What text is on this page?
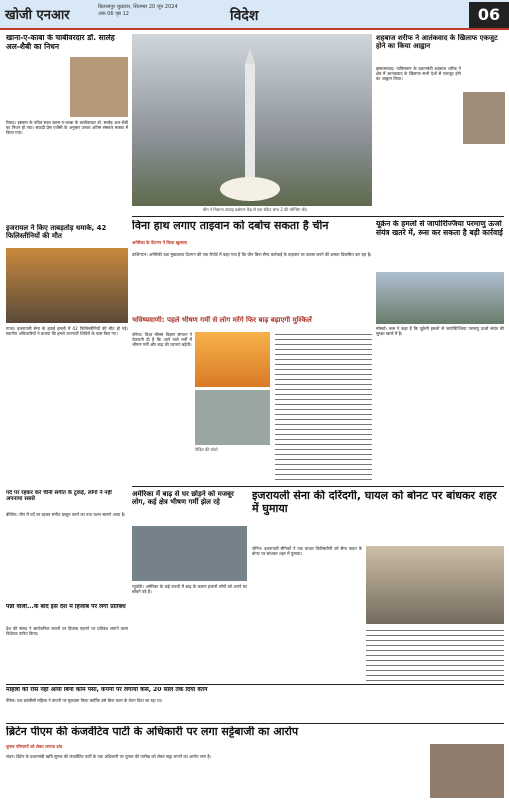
खोजी एनआर
बिलासपुर शुक्रवार, सितम्बर 20 जून 2024
अंक 06 पृष्ठ 12	विदेश	06
खाना-ए-काबा के चाबीवरदार डॉ. सालेह अल-शैबी का निधन
रियाद। इस्लाम के पवित्र स्थल खाना-ए-काबा के चाबीवरदार डॉ. सालेह अल-शैबी का निधन हो गया। सऊदी प्रेस एजेंसी के अनुसार उनका अंतिम संस्कार मक्का में किया गया।
इजरायल ने किए ताबड़तोड़ धमाके, 42 फिलिस्तीनियों की मौत
गाजा। इजरायली सेना के हवाई हमलों में 42 फिलिस्तीनियों की मौत हो गई। स्थानीय अधिकारियों ने बताया कि हमले शरणार्थी शिविरों के पास किए गए।
पर्दे पर रहकर करें चीनी संगीत के टुकड़े, लोगों ने नहीं अपनाया सबसे
बीजिंग। चीन में पर्दे पर रहकर संगीत प्रस्तुत करने का नया चलन सामने आया है।
पन्नी वाली...के बाद इस देश में हिजाब पर लगा प्रतिबंध
देश की संसद ने सार्वजनिक स्थानों पर हिजाब पहनने पर प्रतिबंध लगाने वाला विधेयक पारित किया।
चीन ने निशाना उपग्रह प्रक्षेपण केंद्र से एक रॉकेट लांच 2 की लॉन्चिंग की।
शहबाज शरीफ ने आतंकवाद के खिलाफ एकजुट होने का किया आह्वान
इस्लामाबाद। पाकिस्तान के प्रधानमंत्री शहबाज शरीफ ने क्षेत्र में आतंकवाद के खिलाफ सभी देशों से एकजुट होने का आह्वान किया।
विना हाथ लगाए ताइवान को दबोच सकता है चीन
अमेरिका के पेंटागन ने किया खुलासा
वाशिंगटन। अमेरिकी रक्षा मुख्यालय पेंटागन की एक रिपोर्ट में कहा गया है कि चीन बिना सैन्य कार्रवाई के ताइवान पर कब्जा करने की क्षमता विकसित कर रहा है।
यूक्रेन के हमलों से जापोरिज्जिया परमाणु ऊर्जा संयंत्र खतरे में, रूस कर सकता है बड़ी कार्रवाई
मॉस्को। रूस ने कहा है कि यूक्रेनी हमलों से जापोरिज्जिया परमाणु ऊर्जा संयंत्र की सुरक्षा खतरे में है।
भविष्यवाणी: पहले भीषण गर्मी से लोग मरेंगे फिर बाढ़ बढ़ाएगी मुश्किलें
जेनेवा। विश्व मौसम विज्ञान संगठन ने चेतावनी दी है कि आने वाले वर्षों में भीषण गर्मी और बाढ़ की घटनाएं बढ़ेंगी।
पीड़ित की फोटो
अमेरिका में बाढ़ से घर छोड़ने को मजबूर लोग, कई क्षेत्र भीषण गर्मी झेल रहे
न्यूयॉर्क। अमेरिका के कई राज्यों में बाढ़ के कारण हजारों लोगों को अपने घर छोड़ने पड़े हैं।
इजरायली सेना की दरिंदगी, घायल को बोनट पर बांधकर शहर में घुमाया
जेनिन। इजरायली सैनिकों ने एक घायल फिलिस्तीनी को सैन्य वाहन के बोनट पर बांधकर शहर में घुमाया।
महिला को रास नहीं आया बिना काम पैसा, कंपनी पर लगाया केस, 20 साल तक दिया वेतन
पेरिस। एक फ्रांसीसी महिला ने कंपनी पर मुकदमा किया क्योंकि उसे बिना काम के वेतन दिया जा रहा था।
ब्रिटेन पीएम की कंजर्वेटिव पार्टी के अधिकारी पर लगा सट्टेबाजी का आरोप
चुनाव परिणामों को लेकर लगाया दांव
लंदन। ब्रिटेन के प्रधानमंत्री ऋषि सुनक की कंजर्वेटिव पार्टी के एक अधिकारी पर चुनाव की तारीख को लेकर सट्टा लगाने का आरोप लगा है।
